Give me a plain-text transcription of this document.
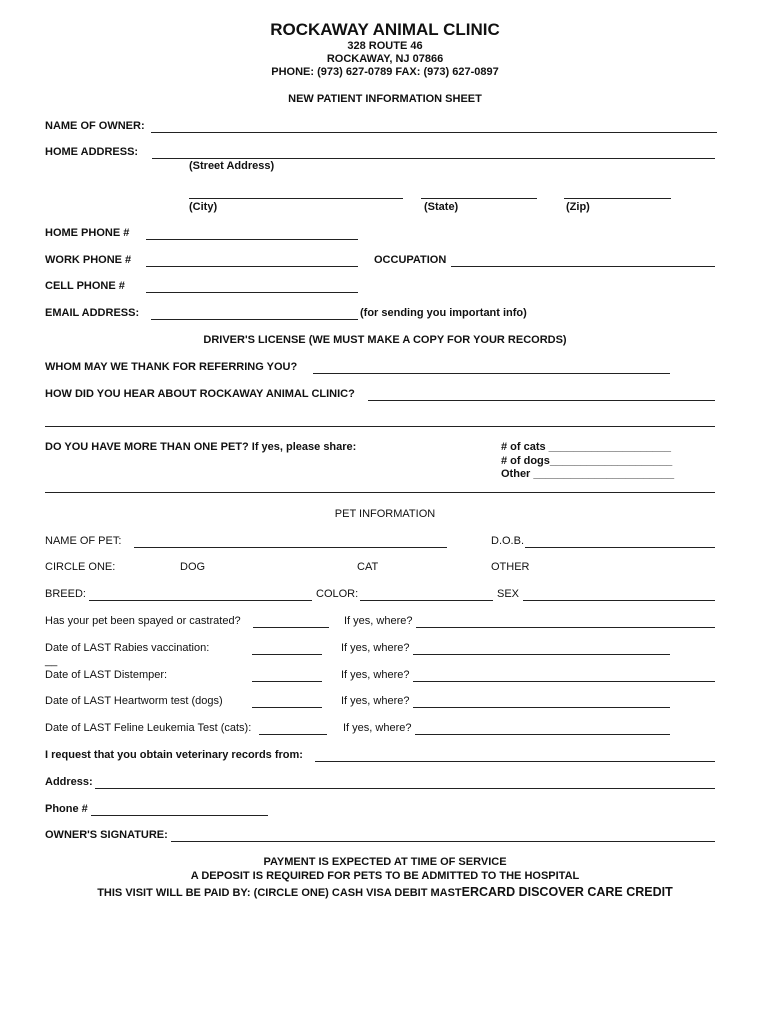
ROCKAWAY ANIMAL CLINIC
328 ROUTE 46
ROCKAWAY, NJ 07866
PHONE: (973) 627-0789 FAX: (973) 627-0897
NEW PATIENT INFORMATION SHEET
NAME OF OWNER:
HOME ADDRESS:
(Street Address)
(City)	(State)	(Zip)
HOME PHONE #
WORK PHONE #	OCCUPATION
CELL PHONE #
EMAIL ADDRESS:	(for sending you important info)
DRIVER'S LICENSE (WE MUST MAKE A COPY FOR YOUR RECORDS)
WHOM MAY WE THANK FOR REFERRING YOU?
HOW DID YOU HEAR ABOUT ROCKAWAY ANIMAL CLINIC?
DO YOU HAVE MORE THAN ONE PET? If yes, please share:	# of cats ____________________
# of dogs____________________
Other _______________________
PET INFORMATION
NAME OF PET:	D.O.B.
CIRCLE ONE:	DOG	CAT	OTHER
BREED:	COLOR:	SEX
Has your pet been spayed or castrated?	If yes, where?
Date of LAST Rabies vaccination:	If yes, where?
__
Date of LAST Distemper:	If yes, where?
Date of LAST Heartworm test (dogs)	If yes, where?
Date of LAST Feline Leukemia Test (cats):	If yes, where?
I request that you obtain veterinary records from:
Address:
Phone #
OWNER'S SIGNATURE:
PAYMENT IS EXPECTED AT TIME OF SERVICE
A DEPOSIT IS REQUIRED FOR PETS TO BE ADMITTED TO THE HOSPITAL
THIS VISIT WILL BE PAID BY: (CIRCLE ONE) CASH VISA DEBIT MASTERCARD DISCOVER CARE CREDIT
